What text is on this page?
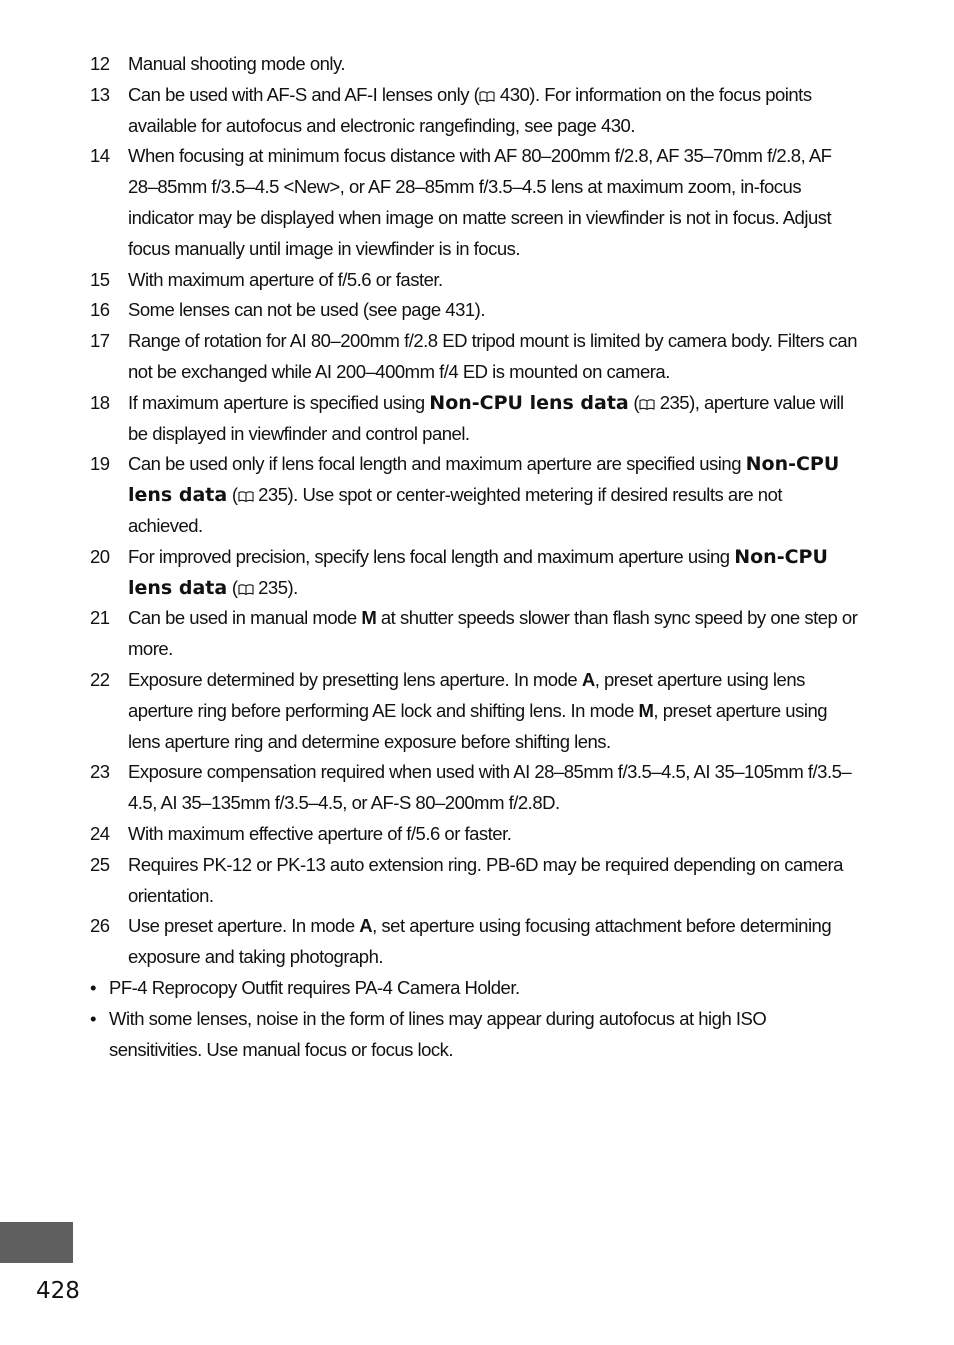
12 Manual shooting mode only.
13 Can be used with AF-S and AF-I lenses only (
430). For information on the focus points available for autofocus and electronic rangefinding, see page 430.
14 When focusing at minimum focus distance with AF 80–200mm f/2.8, AF 35–70mm f/2.8, AF 28–85mm f/3.5–4.5 <New>, or AF 28–85mm f/3.5–4.5 lens at maximum zoom, in-focus indicator may be displayed when image on matte screen in viewfinder is not in focus. Adjust focus manually until image in viewfinder is in focus.
15 With maximum aperture of f/5.6 or faster.
16 Some lenses can not be used (see page 431).
17 Range of rotation for AI 80–200mm f/2.8 ED tripod mount is limited by camera body. Filters can not be exchanged while AI 200–400mm f/4 ED is mounted on camera.
18 If maximum aperture is specified using Non-CPU lens data (
235), aperture value will be displayed in viewfinder and control panel.
19 Can be used only if lens focal length and maximum aperture are specified using Non-CPU lens data (
235). Use spot or center-weighted metering if desired results are not achieved.
20 For improved precision, specify lens focal length and maximum aperture using Non-CPU lens data (
235).
21 Can be used in manual mode M at shutter speeds slower than flash sync speed by one step or more.
22 Exposure determined by presetting lens aperture. In mode A, preset aperture using lens aperture ring before performing AE lock and shifting lens. In mode M, preset aperture using lens aperture ring and determine exposure before shifting lens.
23 Exposure compensation required when used with AI 28–85mm f/3.5–4.5, AI 35–105mm f/3.5–4.5, AI 35–135mm f/3.5–4.5, or AF-S 80–200mm f/2.8D.
24 With maximum effective aperture of f/5.6 or faster.
25 Requires PK-12 or PK-13 auto extension ring. PB-6D may be required depending on camera orientation.
26 Use preset aperture. In mode A, set aperture using focusing attachment before determining exposure and taking photograph.
• PF-4 Reprocopy Outfit requires PA-4 Camera Holder.
• With some lenses, noise in the form of lines may appear during autofocus at high ISO sensitivities. Use manual focus or focus lock.
428
